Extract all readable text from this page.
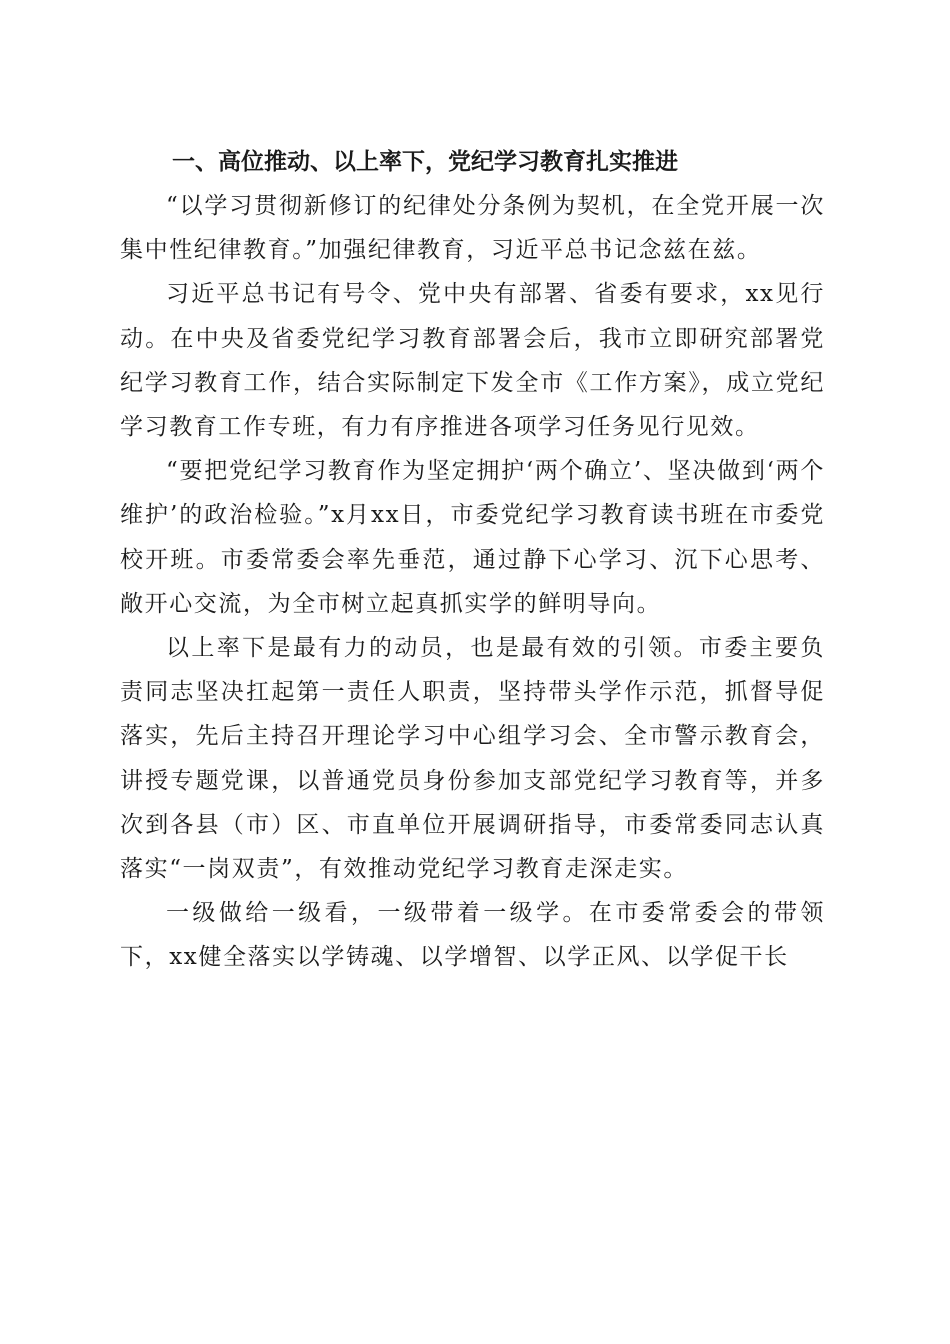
一、高位推动、以上率下，党纪学习教育扎实推进

“以学习贯彻新修订的纪律处分条例为契机，在全党开展一次集中性纪律教育。”加强纪律教育，习近平总书记念兹在兹。

习近平总书记有号令、党中央有部署、省委有要求，xx见行动。在中央及省委党纪学习教育部署会后，我市立即研究部署党纪学习教育工作，结合实际制定下发全市《工作方案》，成立党纪学习教育工作专班，有力有序推进各项学习任务见行见效。

“要把党纪学习教育作为坚定拥护‘两个确立’、坚决做到‘两个维护’的政治检验。”x月xx日，市委党纪学习教育读书班在市委党校开班。市委常委会率先垂范，通过静下心学习、沉下心思考、敞开心交流，为全市树立起真抓实学的鲜明导向。

以上率下是最有力的动员，也是最有效的引领。市委主要负责同志坚决扛起第一责任人职责，坚持带头学作示范，抓督导促落实，先后主持召开理论学习中心组学习会、全市警示教育会，讲授专题党课，以普通党员身份参加支部党纪学习教育等，并多次到各县（市）区、市直单位开展调研指导，市委常委同志认真落实“一岗双责”，有效推动党纪学习教育走深走实。

一级做给一级看，一级带着一级学。在市委常委会的带领下，xx健全落实以学铸魂、以学增智、以学正风、以学促干长
